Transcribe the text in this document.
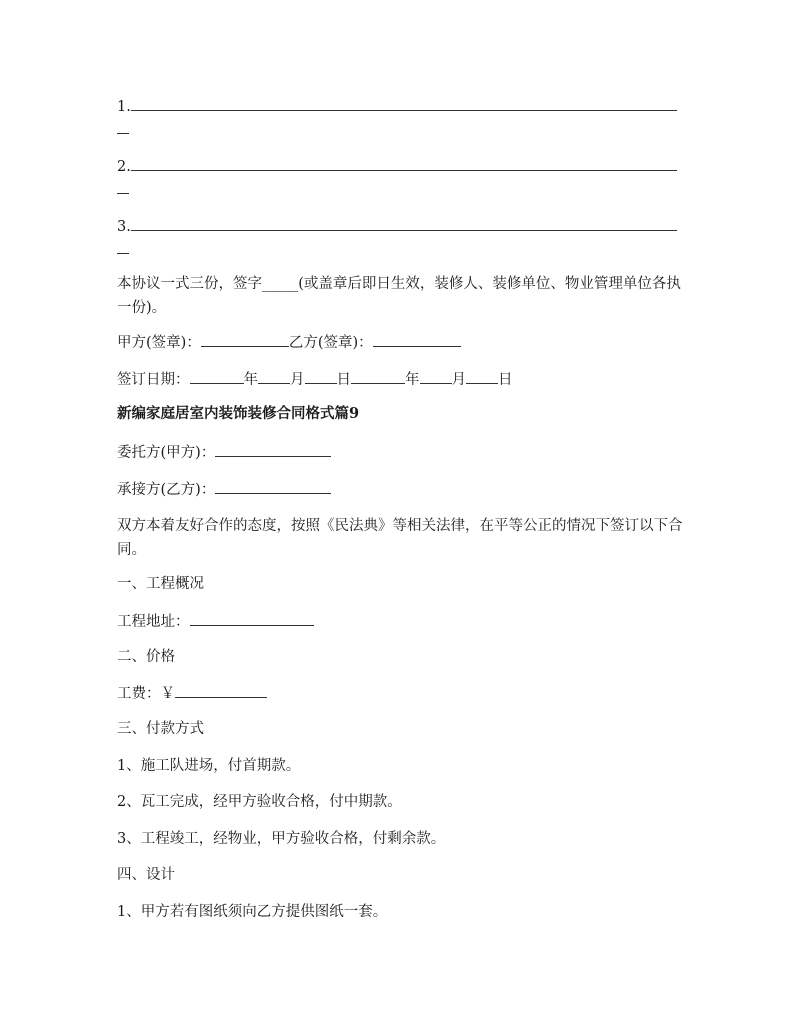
1.
2.
3.
本协议一式三份，签字_____(或盖章后即日生效，装修人、装修单位、物业管理单位各执一份)。
甲方(签章)：	乙方(签章)：
签订日期：	年 月 日	年 月 日
新编家庭居室内装饰装修合同格式篇9
委托方(甲方)：
承接方(乙方)：
双方本着友好合作的态度，按照《民法典》等相关法律，在平等公正的情况下签订以下合同。
一、工程概况
工程地址：
二、价格
工费：￥
三、付款方式
1、施工队进场，付首期款。
2、瓦工完成，经甲方验收合格，付中期款。
3、工程竣工，经物业，甲方验收合格，付剩余款。
四、设计
1、甲方若有图纸须向乙方提供图纸一套。
